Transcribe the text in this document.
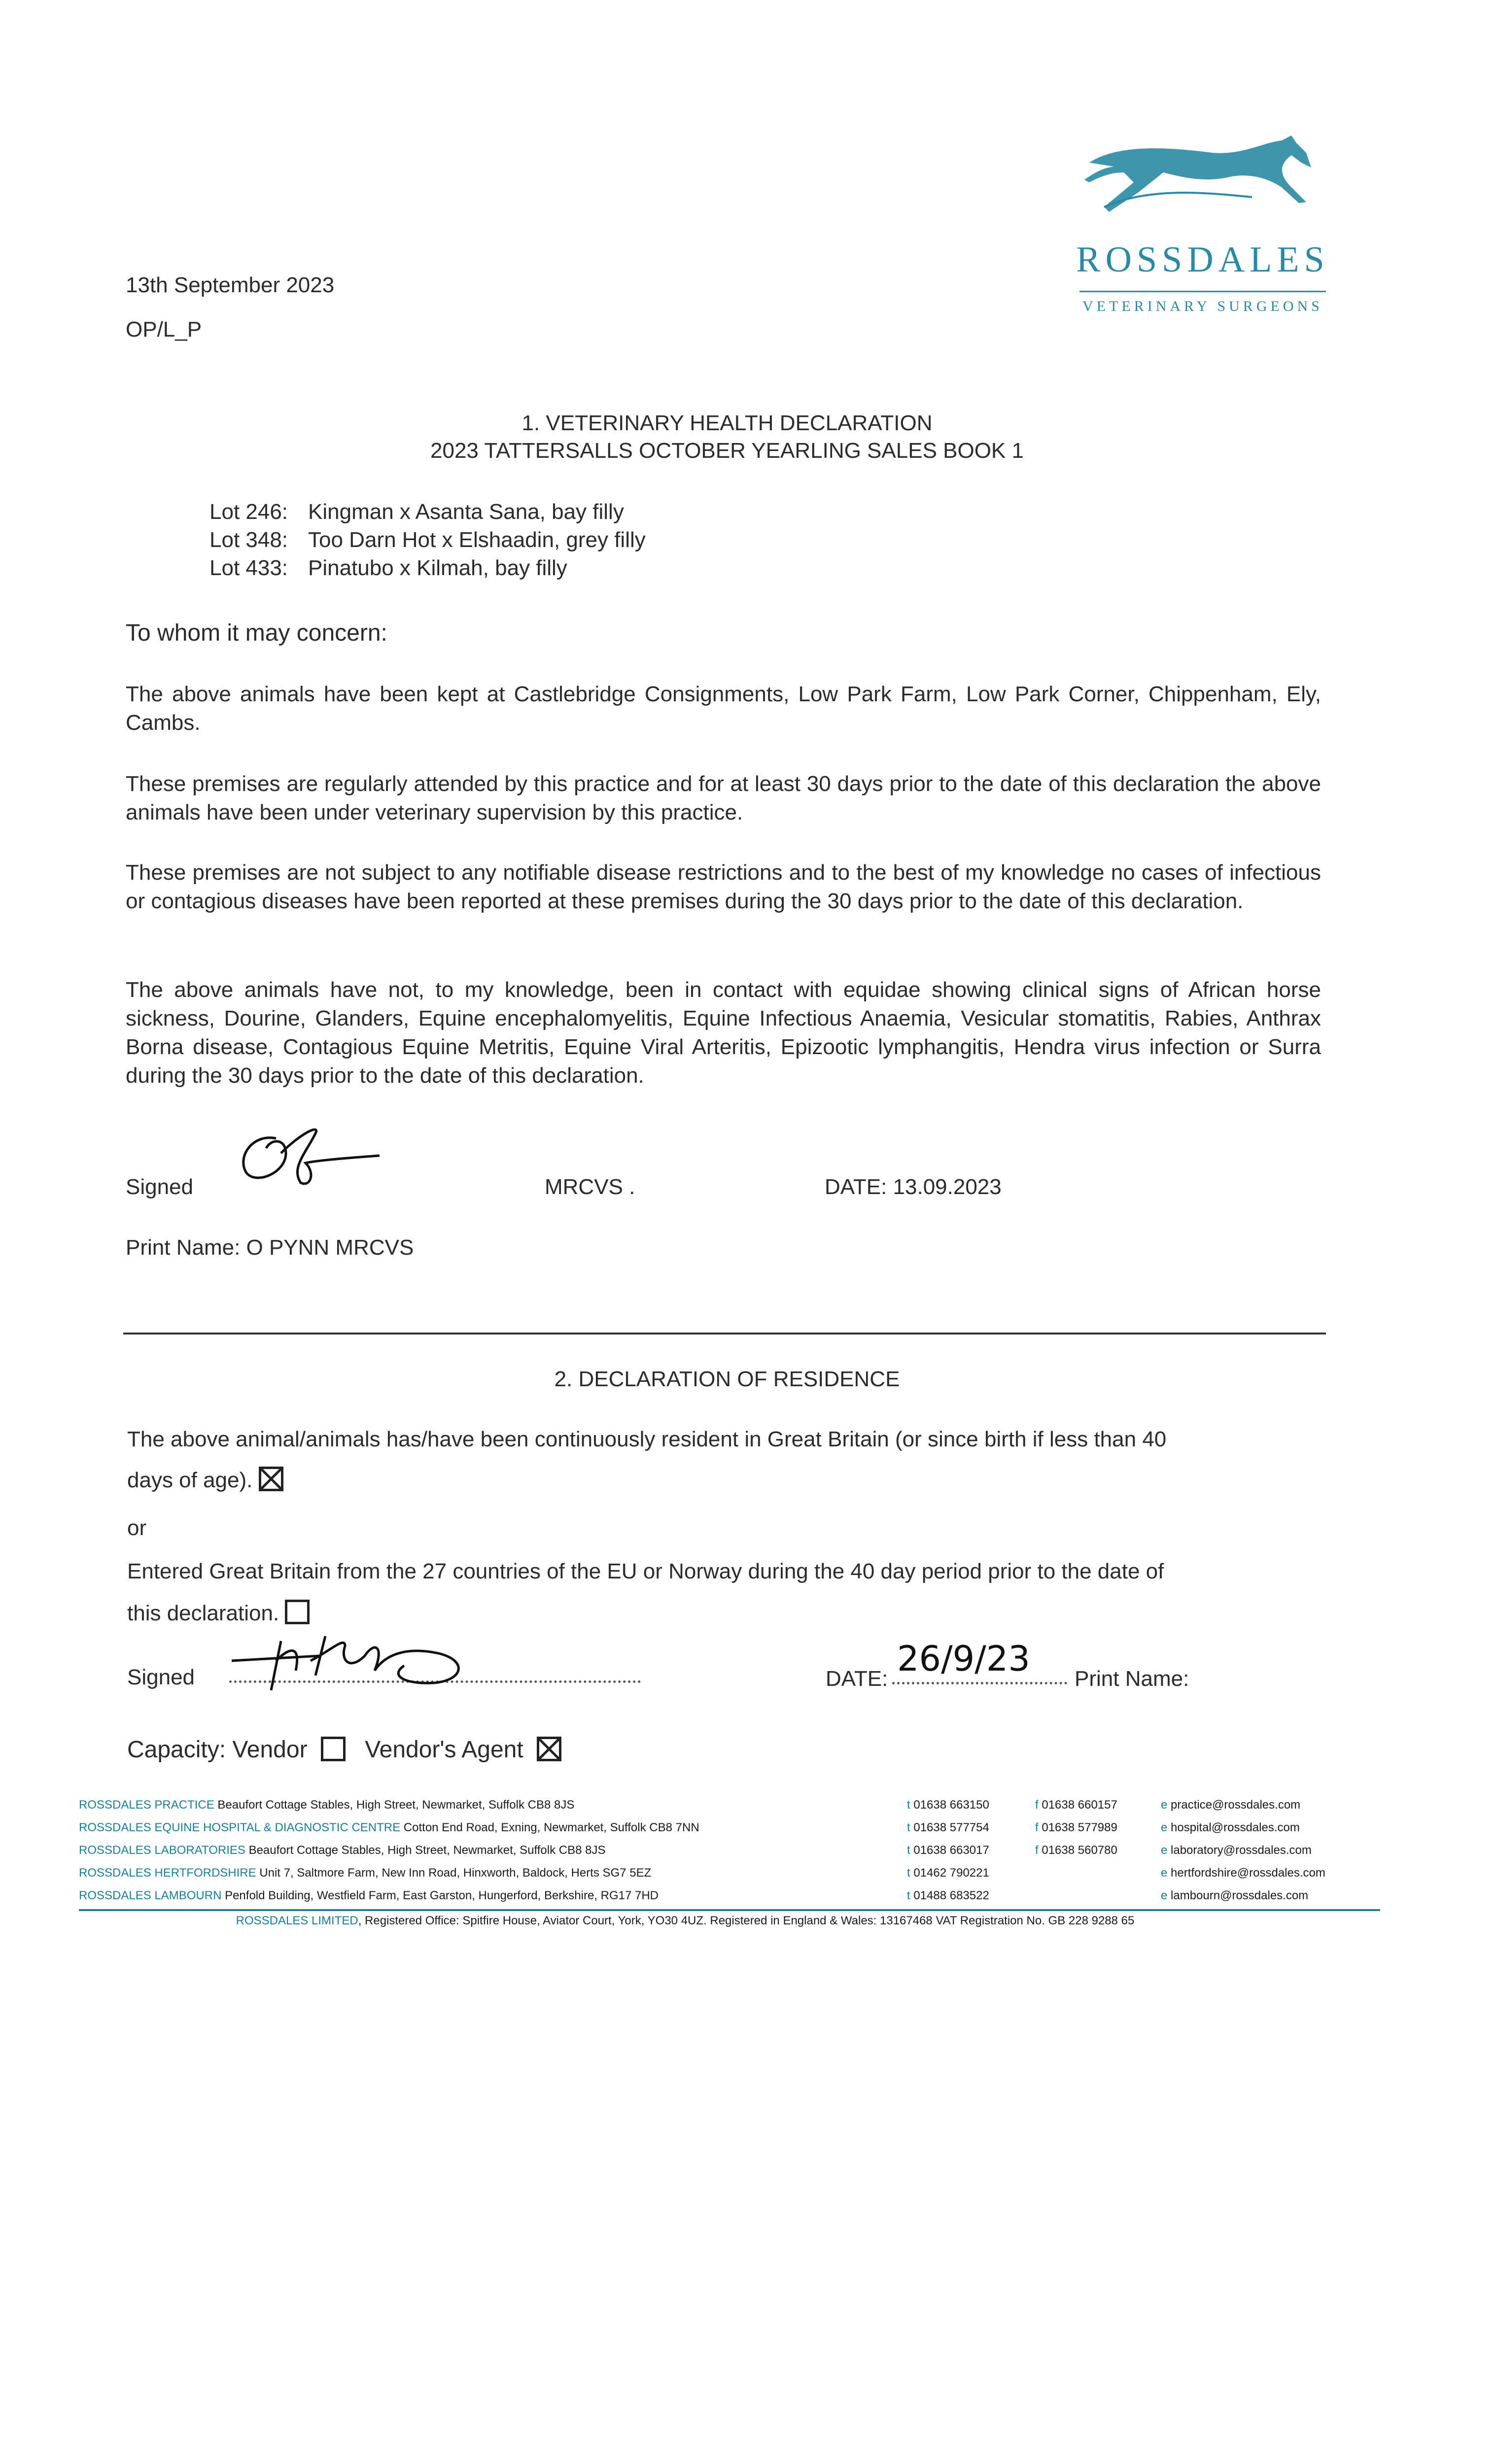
ROSSDALES
VETERINARY SURGEONS
13th September 2023
OP/L_P
1. VETERINARY HEALTH DECLARATION
2023 TATTERSALLS OCTOBER YEARLING SALES BOOK 1
Lot 246: Kingman x Asanta Sana, bay filly
Lot 348: Too Darn Hot x Elshaadin, grey filly
Lot 433: Pinatubo x Kilmah, bay filly
To whom it may concern:
The above animals have been kept at Castlebridge Consignments, Low Park Farm, Low Park Corner, Chippenham, Ely, Cambs.
These premises are regularly attended by this practice and for at least 30 days prior to the date of this declaration the above animals have been under veterinary supervision by this practice.
These premises are not subject to any notifiable disease restrictions and to the best of my knowledge no cases of infectious or contagious diseases have been reported at these premises during the 30 days prior to the date of this declaration.
The above animals have not, to my knowledge, been in contact with equidae showing clinical signs of African horse sickness, Dourine, Glanders, Equine encephalomyelitis, Equine Infectious Anaemia, Vesicular stomatitis, Rabies, Anthrax Borna disease, Contagious Equine Metritis, Equine Viral Arteritis, Epizootic lymphangitis, Hendra virus infection or Surra during the 30 days prior to the date of this declaration.
Signed	MRCVS .	DATE: 13.09.2023
Print Name: O PYNN MRCVS
2. DECLARATION OF RESIDENCE
The above animal/animals has/have been continuously resident in Great Britain (or since birth if less than 40
days of age).
or
Entered Great Britain from the 27 countries of the EU or Norway during the 40 day period prior to the date of
this declaration.
Signed	DATE: 26/9/23 Print Name:
Capacity: Vendor Vendor's Agent
ROSSDALES PRACTICE Beaufort Cottage Stables, High Street, Newmarket, Suffolk CB8 8JS	t 01638 663150	f 01638 660157	e practice@rossdales.com
ROSSDALES EQUINE HOSPITAL & DIAGNOSTIC CENTRE Cotton End Road, Exning, Newmarket, Suffolk CB8 7NN	t 01638 577754	f 01638 577989	e hospital@rossdales.com
ROSSDALES LABORATORIES Beaufort Cottage Stables, High Street, Newmarket, Suffolk CB8 8JS	t 01638 663017	f 01638 560780	e laboratory@rossdales.com
ROSSDALES HERTFORDSHIRE Unit 7, Saltmore Farm, New Inn Road, Hinxworth, Baldock, Herts SG7 5EZ	t 01462 790221	e hertfordshire@rossdales.com
ROSSDALES LAMBOURN Penfold Building, Westfield Farm, East Garston, Hungerford, Berkshire, RG17 7HD	t 01488 683522	e lambourn@rossdales.com
ROSSDALES LIMITED, Registered Office: Spitfire House, Aviator Court, York, YO30 4UZ. Registered in England & Wales: 13167468 VAT Registration No. GB 228 9288 65
